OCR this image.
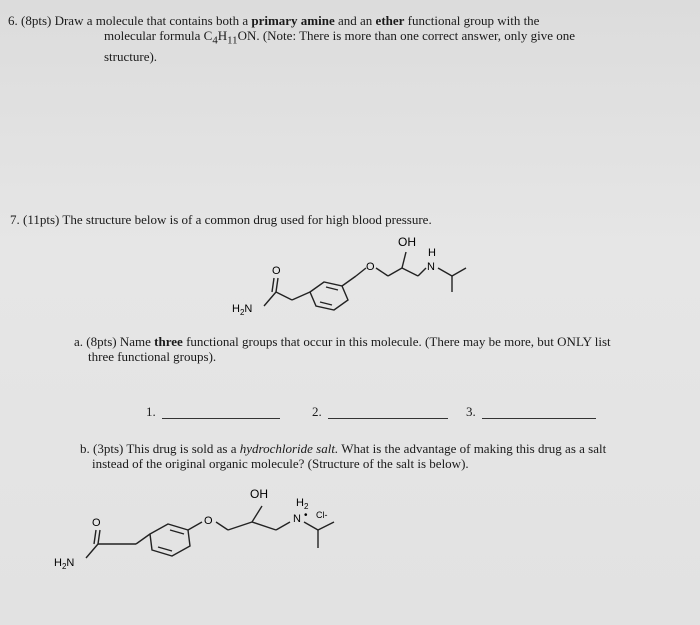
6. (8pts) Draw a molecule that contains both a primary amine and an ether functional group with the
molecular formula $C_4H_{11}ON$. (Note: There is more than one correct answer, only give one
structure).
7. (11pts) The structure below is of a common drug used for high blood pressure.
OH
O	O
H
N
$H_2N$
a. (8pts) Name three functional groups that occur in this molecule. (There may be more, but ONLY list
three functional groups).
1.	2.	3.
b. (3pts) This drug is sold as a hydrochloride salt. What is the advantage of making this drug as a salt
instead of the original organic molecule? (Structure of the salt is below).
OH
O	O
$H_2$
N • Cl-
$H_2N$
